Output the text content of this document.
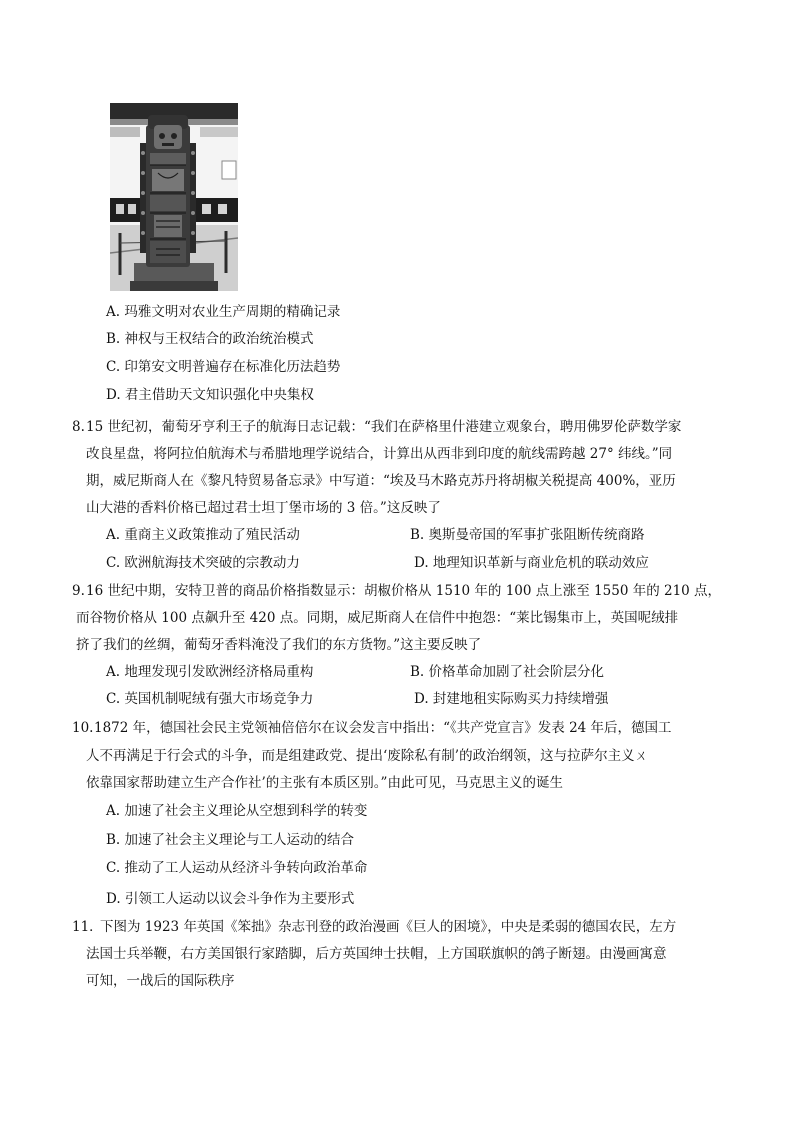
A. 玛雅文明对农业生产周期的精确记录
B. 神权与王权结合的政治统治模式
C. 印第安文明普遍存在标准化历法趋势
D. 君主借助天文知识强化中央集权
8. 15 世纪初，葡萄牙亨利王子的航海日志记载：“我们在萨格里什港建立观象台，聘用佛罗伦萨数学家
改良星盘，将阿拉伯航海术与希腊地理学说结合，计算出从西非到印度的航线需跨越 27° 纬线。”同
期，威尼斯商人在《黎凡特贸易备忘录》中写道：“埃及马木路克苏丹将胡椒关税提高 400%，亚历
山大港的香料价格已超过君士坦丁堡市场的 3 倍。”这反映了
A. 重商主义政策推动了殖民活动	B. 奥斯曼帝国的军事扩张阻断传统商路
C. 欧洲航海技术突破的宗教动力	D. 地理知识革新与商业危机的联动效应
9. 16 世纪中期，安特卫普的商品价格指数显示：胡椒价格从 1510 年的 100 点上涨至 1550 年的 210 点，
而谷物价格从 100 点飙升至 420 点。同期，威尼斯商人在信件中抱怨：“莱比锡集市上，英国呢绒排
挤了我们的丝绸，葡萄牙香料淹没了我们的东方货物。”这主要反映了
A. 地理发现引发欧洲经济格局重构	B. 价格革命加剧了社会阶层分化
C. 英国机制呢绒有强大市场竞争力	D. 封建地租实际购买力持续增强
10. 1872 年，德国社会民主党领袖倍倍尔在议会发言中指出：“《共产党宣言》发表 24 年后，德国工
人不再满足于行会式的斗争，而是组建政党、提出‘废除私有制’的政治纲领，这与拉萨尔主义ㄨ
依靠国家帮助建立生产合作社’的主张有本质区别。”由此可见，马克思主义的诞生
A. 加速了社会主义理论从空想到科学的转变
B. 加速了社会主义理论与工人运动的结合
C. 推动了工人运动从经济斗争转向政治革命
D. 引领工人运动以议会斗争作为主要形式
11．
下图为 1923 年英国《笨拙》杂志刊登的政治漫画《巨人的困境》，中央是柔弱的德国农民，左方
法国士兵举鞭，右方美国银行家踏脚，后方英国绅士扶帽，上方国联旗帜的鸽子断翅。由漫画寓意
可知，一战后的国际秩序
